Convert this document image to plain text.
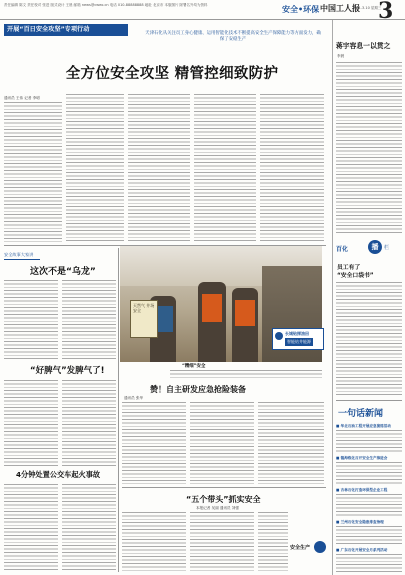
责任编辑 陈文 责任校对 张进 版式设计 王晨 邮箱 news@cweo.cn 电话 010-88888888 地址 北京市 本版图片 除署名外均为资料	安全•环保 中国工人报
2021.3.10 星期三
3
开展“百日安全攻坚”专项行动
天津石化从关注员工身心健康、运用智能化技术不断提高安全生产保障能力等方面发力，确保了安稳生产
全方位安全攻坚 精管控细致防护
通讯员 王伟 记者 李明
安全故事大家讲
这次不是“乌龙”
“好脾气”发脾气了!
4分钟处置公交车起火事故
天然气 井场 安全
长城钻探油田
智能钻井能源
“精细”安全
赞！自主研发应急抢险装备
通讯员 张华
“五个带头”抓实安全
本报记者 吴丽 通讯员 刘强
安全生产
蒋宇容息一以贯之
李晨
百化	播	栏
员工有了
“安全口袋书”
一句话新闻
■ 华北石油工程开展应急演练活动
■ 镇海炼化召开安全生产推进会
■ 吉林石化打造环保型企业工程
■ 兰州石化安全隐患排查治理
■ 广东石化开展安全月系列活动
